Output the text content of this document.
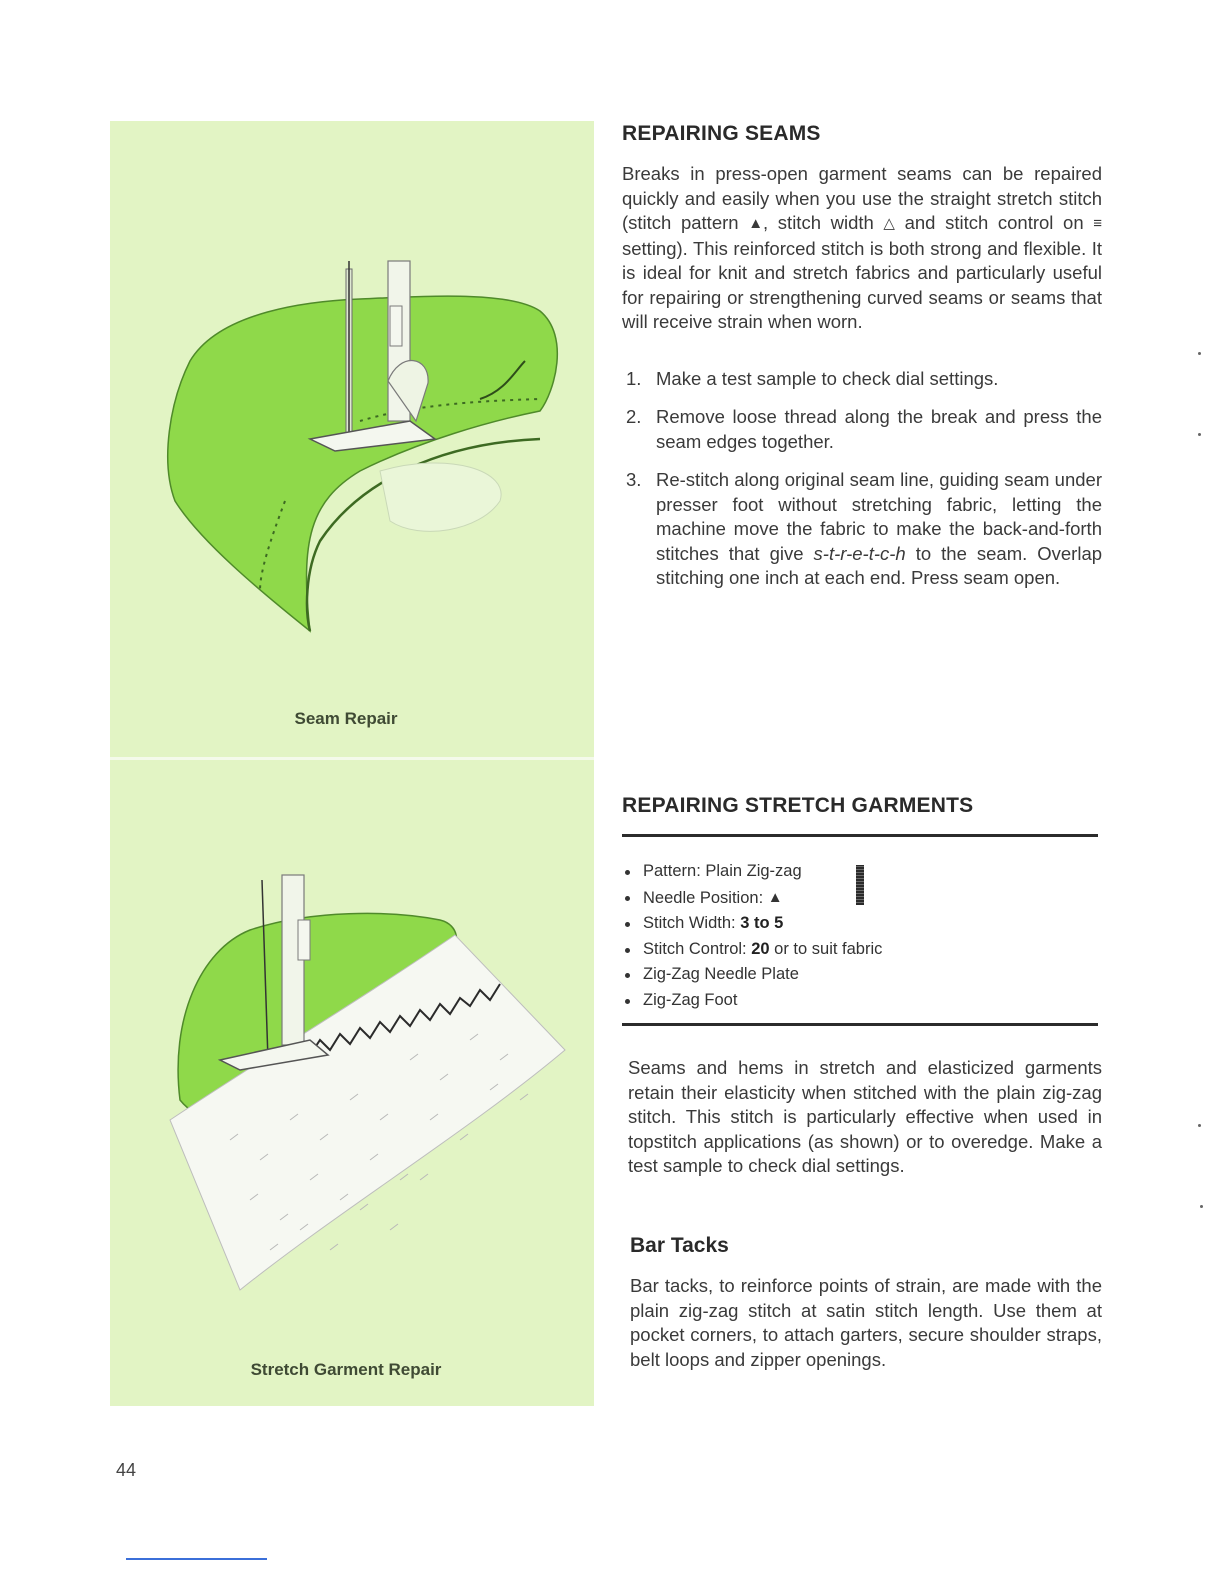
Seam Repair
Stretch Garment Repair
REPAIRING SEAMS

Breaks in press-open garment seams can be repaired quickly and easily when you use the straight stretch stitch (stitch pattern ▲, stitch width △ and stitch control on ≡ setting). This reinforced stitch is both strong and flexible. It is ideal for knit and stretch fabrics and particularly useful for repairing or strengthening curved seams or seams that will receive strain when worn.

1. Make a test sample to check dial settings.
2. Remove loose thread along the break and press the seam edges together.
3. Re-stitch along original seam line, guiding seam under presser foot without stretching fabric, letting the machine move the fabric to make the back-and-forth stitches that give s-t-r-e-t-c-h to the seam. Overlap stitching one inch at each end. Press seam open.
REPAIRING STRETCH GARMENTS
Pattern: Plain Zig-zag
Needle Position: ▲
Stitch Width: 3 to 5
Stitch Control: 20 or to suit fabric
Zig-Zag Needle Plate
Zig-Zag Foot

Seams and hems in stretch and elasticized garments retain their elasticity when stitched with the plain zig-zag stitch. This stitch is particularly effective when used in topstitch applications (as shown) or to overedge. Make a test sample to check dial settings.

Bar Tacks

Bar tacks, to reinforce points of strain, are made with the plain zig-zag stitch at satin stitch length. Use them at pocket corners, to attach garters, secure shoulder straps, belt loops and zipper openings.

44
